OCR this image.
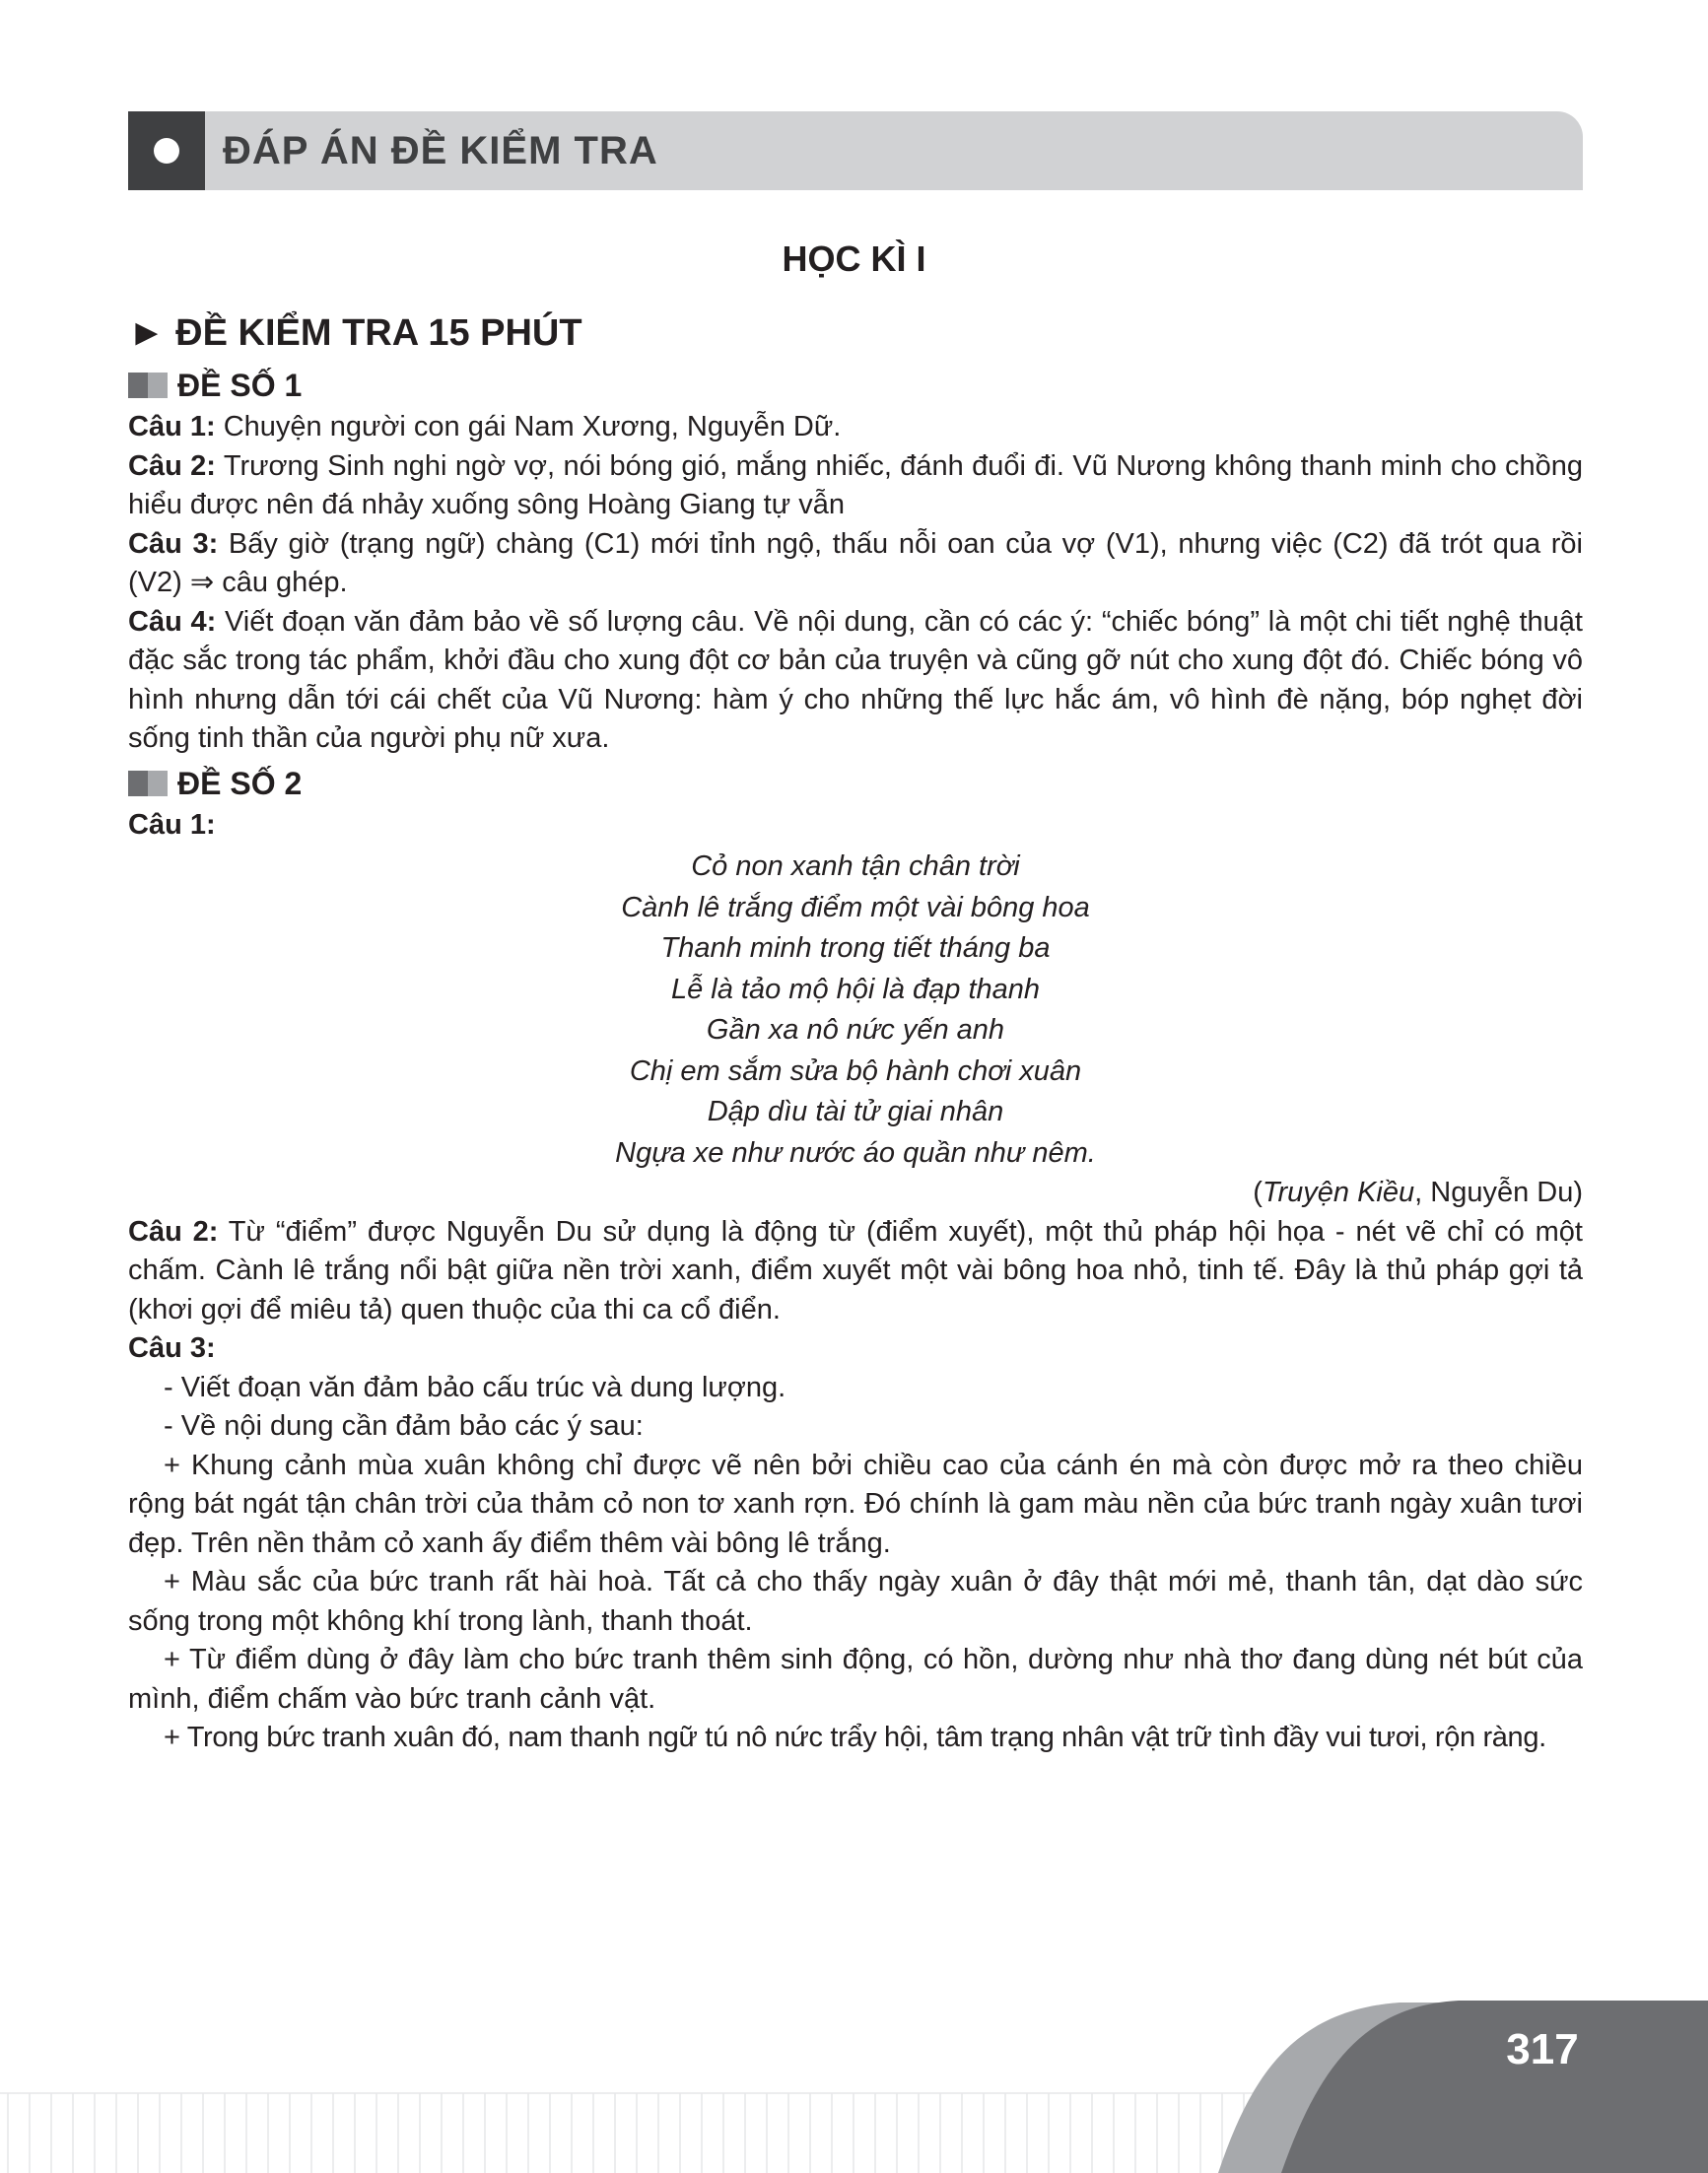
ĐÁP ÁN ĐỀ KIỂM TRA
HỌC KÌ I
► ĐỀ KIỂM TRA 15 PHÚT
ĐỀ SỐ 1

Câu 1: Chuyện người con gái Nam Xương, Nguyễn Dữ.

Câu 2: Trương Sinh nghi ngờ vợ, nói bóng gió, mắng nhiếc, đánh đuổi đi. Vũ Nương không thanh minh cho chồng hiểu được nên đá nhảy xuống sông Hoàng Giang tự vẫn

Câu 3: Bấy giờ (trạng ngữ) chàng (C1) mới tỉnh ngộ, thấu nỗi oan của vợ (V1), nhưng việc (C2) đã trót qua rồi (V2) ⇒ câu ghép.

Câu 4: Viết đoạn văn đảm bảo về số lượng câu. Về nội dung, cần có các ý: “chiếc bóng” là một chi tiết nghệ thuật đặc sắc trong tác phẩm, khởi đầu cho xung đột cơ bản của truyện và cũng gỡ nút cho xung đột đó. Chiếc bóng vô hình nhưng dẫn tới cái chết của Vũ Nương: hàm ý cho những thế lực hắc ám, vô hình đè nặng, bóp nghẹt đời sống tinh thần của người phụ nữ xưa.

ĐỀ SỐ 2

Câu 1:

Cỏ non xanh tận chân trời
Cành lê trắng điểm một vài bông hoa
Thanh minh trong tiết tháng ba
Lễ là tảo mộ hội là đạp thanh
Gần xa nô nức yến anh
Chị em sắm sửa bộ hành chơi xuân
Dập dìu tài tử giai nhân
Ngựa xe như nước áo quần như nêm.

(Truyện Kiều, Nguyễn Du)

Câu 2: Từ “điểm” được Nguyễn Du sử dụng là động từ (điểm xuyết), một thủ pháp hội họa - nét vẽ chỉ có một chấm. Cành lê trắng nổi bật giữa nền trời xanh, điểm xuyết một vài bông hoa nhỏ, tinh tế. Đây là thủ pháp gợi tả (khơi gợi để miêu tả) quen thuộc của thi ca cổ điển.

Câu 3:

- Viết đoạn văn đảm bảo cấu trúc và dung lượng.

- Về nội dung cần đảm bảo các ý sau:

+ Khung cảnh mùa xuân không chỉ được vẽ nên bởi chiều cao của cánh én mà còn được mở ra theo chiều rộng bát ngát tận chân trời của thảm cỏ non tơ xanh rợn. Đó chính là gam màu nền của bức tranh ngày xuân tươi đẹp. Trên nền thảm cỏ xanh ấy điểm thêm vài bông lê trắng.

+ Màu sắc của bức tranh rất hài hoà. Tất cả cho thấy ngày xuân ở đây thật mới mẻ, thanh tân, dạt dào sức sống trong một không khí trong lành, thanh thoát.

+ Từ điểm dùng ở đây làm cho bức tranh thêm sinh động, có hồn, dường như nhà thơ đang dùng nét bút của mình, điểm chấm vào bức tranh cảnh vật.

+ Trong bức tranh xuân đó, nam thanh ngữ tú nô nức trẩy hội, tâm trạng nhân vật trữ tình đầy vui tươi, rộn ràng.

317
